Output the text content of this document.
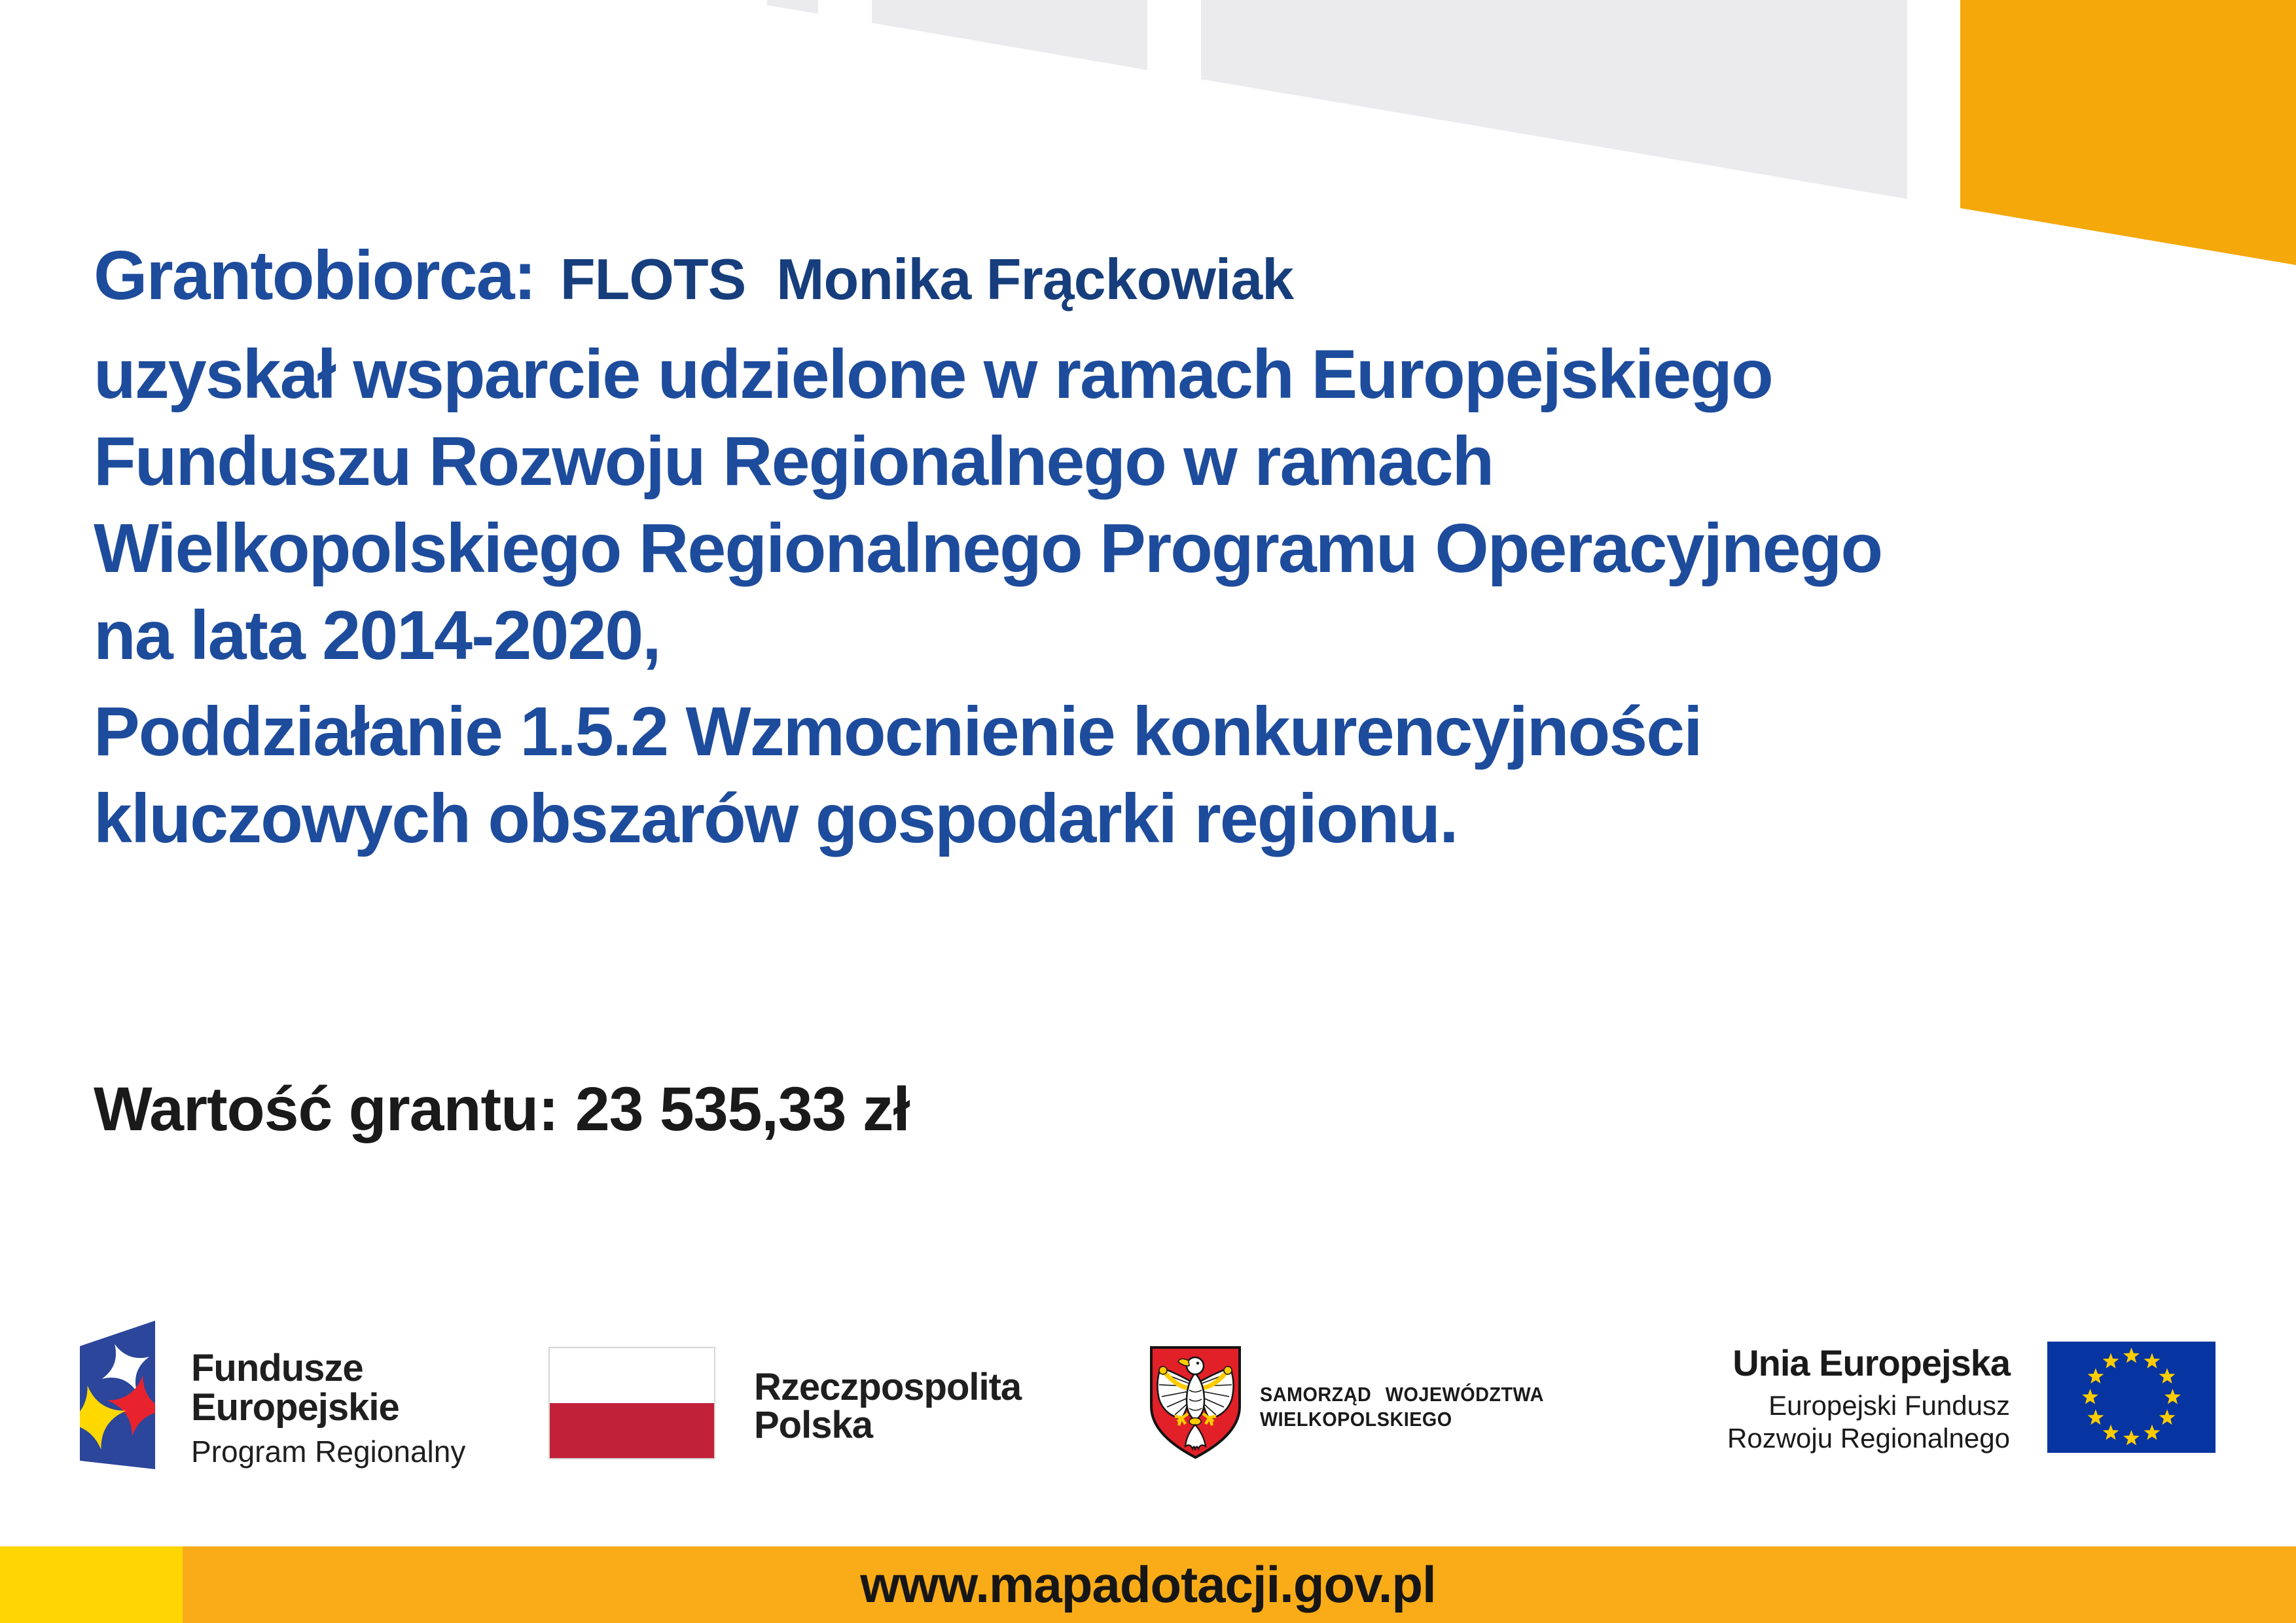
Grantobiorca: FLOTS  Monika Frąckowiak
uzyskał wsparcie udzielone w ramach Europejskiego
Funduszu Rozwoju Regionalnego w ramach
Wielkopolskiego Regionalnego Programu Operacyjnego
na lata 2014-2020,
Poddziałanie 1.5.2 Wzmocnienie konkurencyjności
kluczowych obszarów gospodarki regionu.
Wartość grantu: 23 535,33 zł
Fundusze
Europejskie
Program Regionalny
Rzeczpospolita
Polska
SAMORZĄD WOJEWÓDZTWA
WIELKOPOLSKIEGO
Unia Europejska
Europejski Fundusz
Rozwoju Regionalnego
www.mapadotacji.gov.pl
